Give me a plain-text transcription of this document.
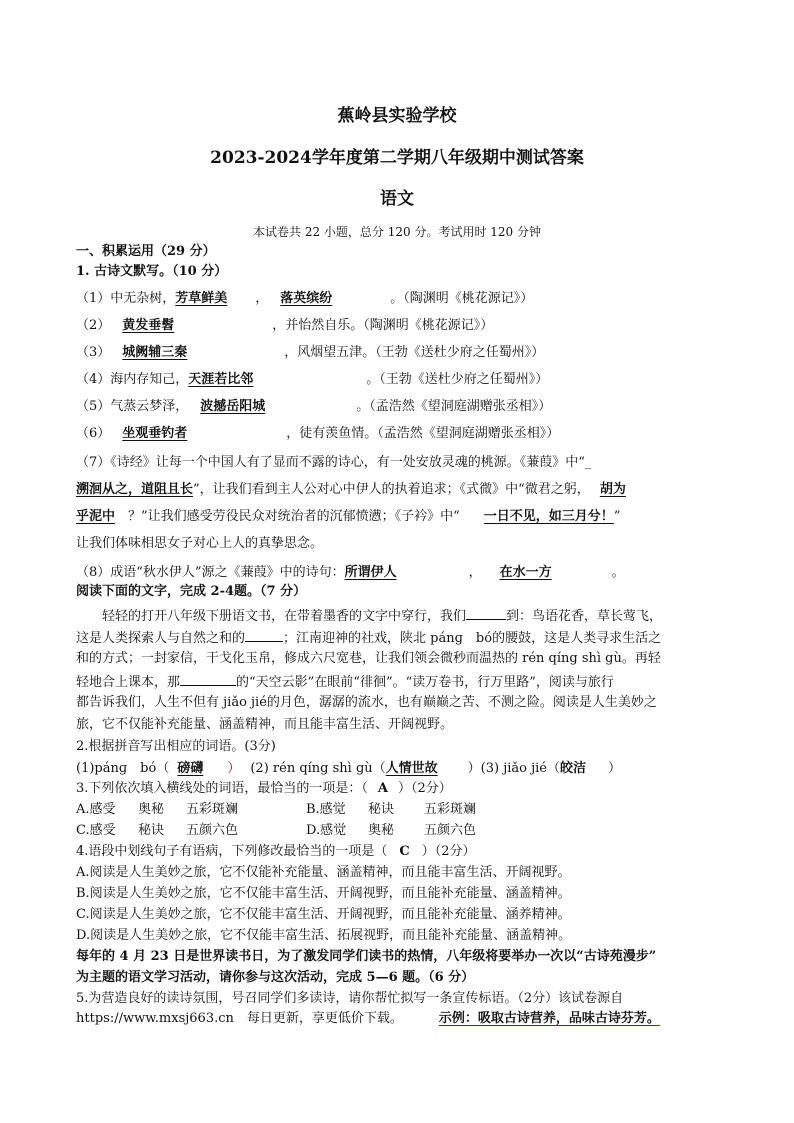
蕉岭县实验学校
2023-2024学年度第二学期八年级期中测试答案
语文
本试卷共 22 小题，总分 120 分。考试用时 120 分钟
一、积累运用（29 分）
1. 古诗文默写。（10 分）
（1）中无杂树，芳草鲜美 ， 落英缤纷	。（陶渊明《桃花源记》）
（2） 黄发垂髫	，并怡然自乐。（陶渊明《桃花源记》）
（3） 城阙辅三秦	，风烟望五津。（王勃《送杜少府之任蜀州》）
（4）海内存知己，天涯若比邻	。（王勃《送杜少府之任蜀州》）
（5）气蒸云梦泽， 波撼岳阳城	。（孟浩然《望洞庭湖赠张丞相》）
（6） 坐观垂钓者	，徒有羡鱼情。（孟浩然《望洞庭湖赠张丞相》）
（7）《诗经》让每一个中国人有了显而不露的诗心，有一处安放灵魂的桃源。《蒹葭》中“_
溯洄从之，道阻且长”，让我们看到主人公对心中伊人的执着追求；《式微》中“微君之躬， 胡为
乎泥中 ？”让我们感受劳役民众对统治者的沉郁愤懑；《子衿》中“ 一日不见，如三月兮！”
让我们体味相思女子对心上人的真挚思念。
（8）成语“秋水伊人”源之《蒹葭》中的诗句：所谓伊人	， 在水一方	。
阅读下面的文字，完成 2-4题。（7 分）
轻轻的打开八年级下册语文书，在带着墨香的文字中穿行，我们	到：鸟语花香，草长莺飞，
这是人类探索人与自然之和的	；江南迎神的社戏，陕北 pánɡ　bó的腰鼓，这是人类寻求生活之
和的方式；一封家信，干戈化玉帛，修成六尺宽巷，让我们领会微秒而温热的 rén qíng shì gù。再轻
轻地合上课本，那	的“天空云影”在眼前“徘徊”。“读万卷书，行万里路”，阅读与旅行
都告诉我们，人生不但有 jiǎo jié的月色，潺潺的流水，也有巅巅之苦、不测之险。阅读是人生美妙之
旅，它不仅能补充能量、涵盖精神，而且能丰富生活、开阔视野。
2.根据拼音写出相应的词语。(3分)
(1)pánɡ　bó（ 磅礴 ） (2) rén qíng shì gù（人情世故 ）(3) jiǎo jié（皎洁 ）
3.下列依次填入横线处的词语，最恰当的一项是：（ A ）（2分）
A.感受 奥秘 五彩斑斓	B.感觉 秘诀 五彩斑斓
C.感受 秘诀 五颜六色	D.感觉 奥秘 五颜六色
4.语段中划线句子有语病，下列修改最恰当的一项是（ C ）（2分）
A.阅读是人生美妙之旅，它不仅能补充能量、涵盖精神，而且能丰富生活、开阔视野。
B.阅读是人生美妙之旅，它不仅能丰富生活、开阔视野，而且能补充能量、涵盖精神。
C.阅读是人生美妙之旅，它不仅能丰富生活、开阔视野，而且能补充能量、涵养精神。
D.阅读是人生美妙之旅，它不仅能丰富生活、拓展视野，而且能补充能量、涵盖精神。
每年的 4 月 23 日是世界读书日，为了激发同学们读书的热情，八年级将要举办一次以“古诗苑漫步”
为主题的语文学习活动，请你参与这次活动，完成 5—6 题。（6 分）
5.为营造良好的读诗氛围，号召同学们多读诗，请你帮忙拟写一条宣传标语。（2分）该试卷源自
https://www.mxsj663.cn　每日更新，享更低价下载。	示例：吸取古诗营养，品味古诗芬芳。
